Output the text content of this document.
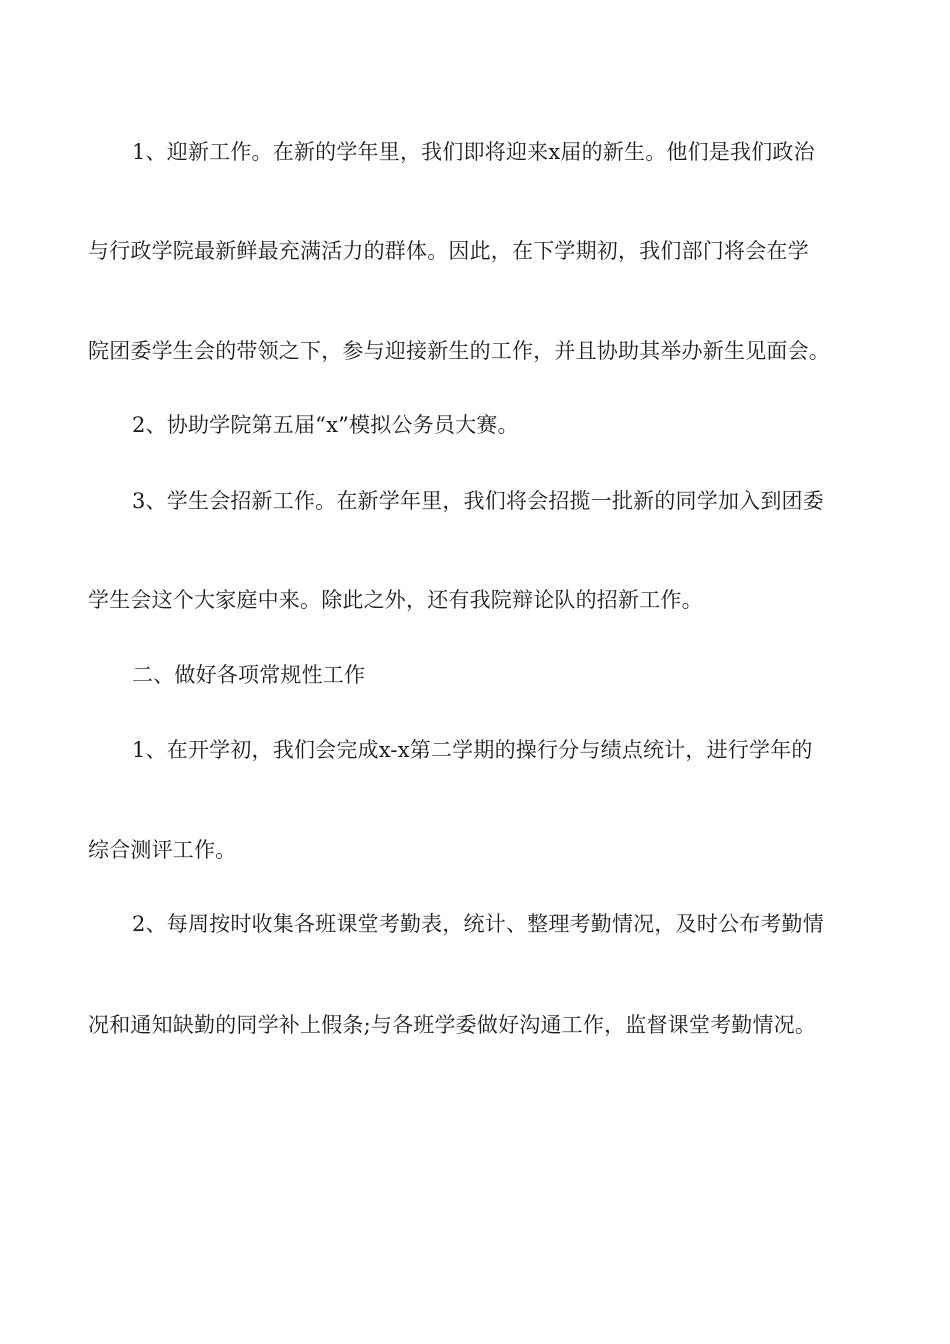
1、迎新工作。在新的学年里，我们即将迎来x届的新生。他们是我们政治
与行政学院最新鲜最充满活力的群体。因此，在下学期初，我们部门将会在学
院团委学生会的带领之下，参与迎接新生的工作，并且协助其举办新生见面会。
2、协助学院第五届“x”模拟公务员大赛。
3、学生会招新工作。在新学年里，我们将会招揽一批新的同学加入到团委
学生会这个大家庭中来。除此之外，还有我院辩论队的招新工作。
二、做好各项常规性工作
1、在开学初，我们会完成x-x第二学期的操行分与绩点统计，进行学年的
综合测评工作。
2、每周按时收集各班课堂考勤表，统计、整理考勤情况，及时公布考勤情
况和通知缺勤的同学补上假条;与各班学委做好沟通工作，监督课堂考勤情况。
